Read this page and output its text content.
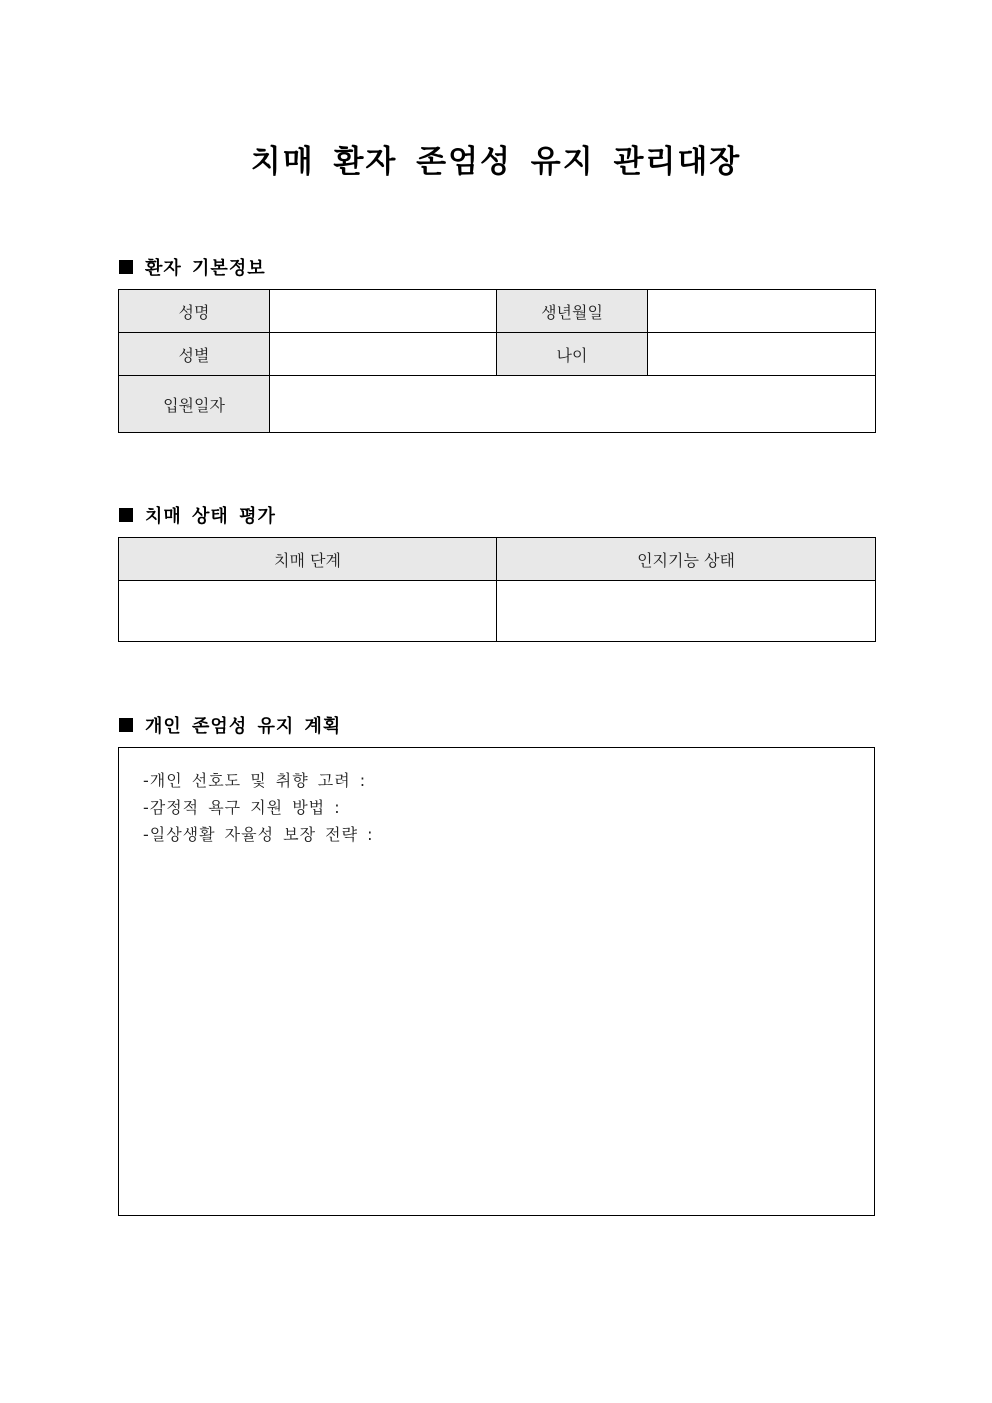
치매 환자 존엄성 유지 관리대장
환자 기본정보
성명		생년월일	
성별		나이	
입원일자			
치매 상태 평가
치매 단계	인지기능 상태

개인 존엄성 유지 계획
-개인 선호도 및 취향 고려 :
-감정적 욕구 지원 방법 :
-일상생활 자율성 보장 전략 :
